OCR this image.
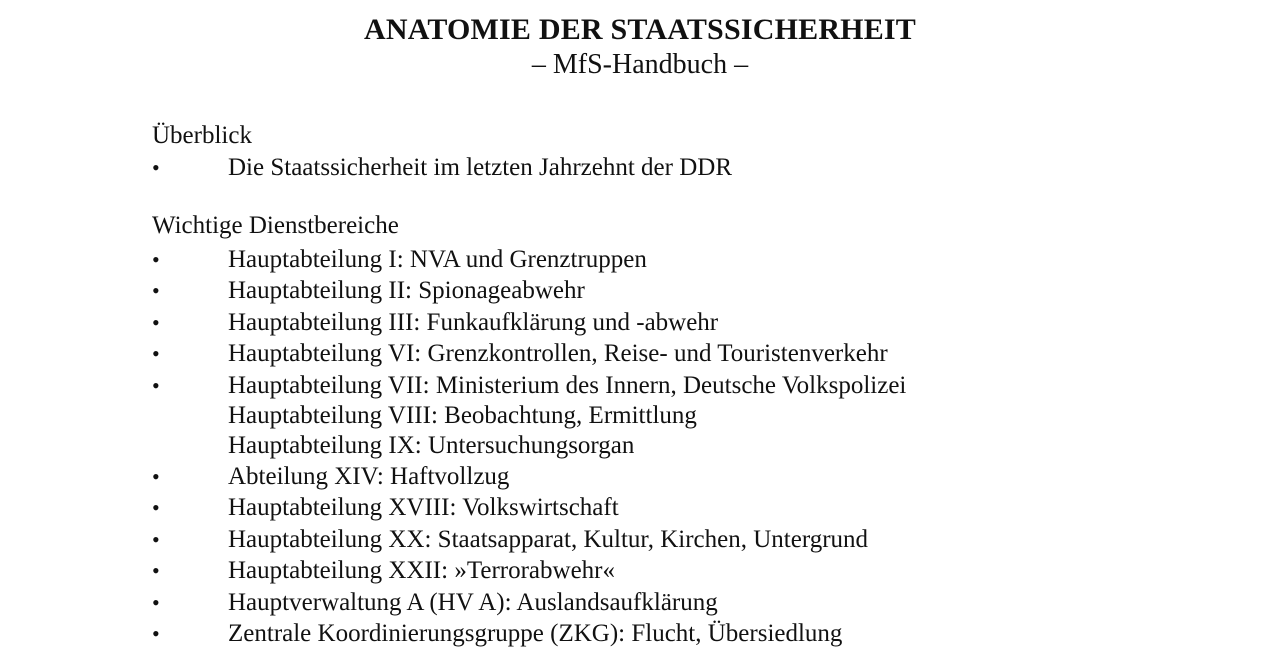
ANATOMIE DER STAATSSICHERHEIT
– MfS-Handbuch –
Überblick
•	Die Staatssicherheit im letzten Jahrzehnt der DDR
Wichtige Dienstbereiche
•	Hauptabteilung I: NVA und Grenztruppen
•	Hauptabteilung II: Spionageabwehr
•	Hauptabteilung III: Funkaufklärung und -abwehr
•	Hauptabteilung VI: Grenzkontrollen, Reise- und Touristenverkehr
•	Hauptabteilung VII: Ministerium des Innern, Deutsche Volkspolizei
Hauptabteilung VIII: Beobachtung, Ermittlung
Hauptabteilung IX: Untersuchungsorgan
•	Abteilung XIV: Haftvollzug
•	Hauptabteilung XVIII: Volkswirtschaft
•	Hauptabteilung XX: Staatsapparat, Kultur, Kirchen, Untergrund
•	Hauptabteilung XXII: »Terrorabwehr«
•	Hauptverwaltung A (HV A): Auslandsaufklärung
•	Zentrale Koordinierungsgruppe (ZKG): Flucht, Übersiedlung
